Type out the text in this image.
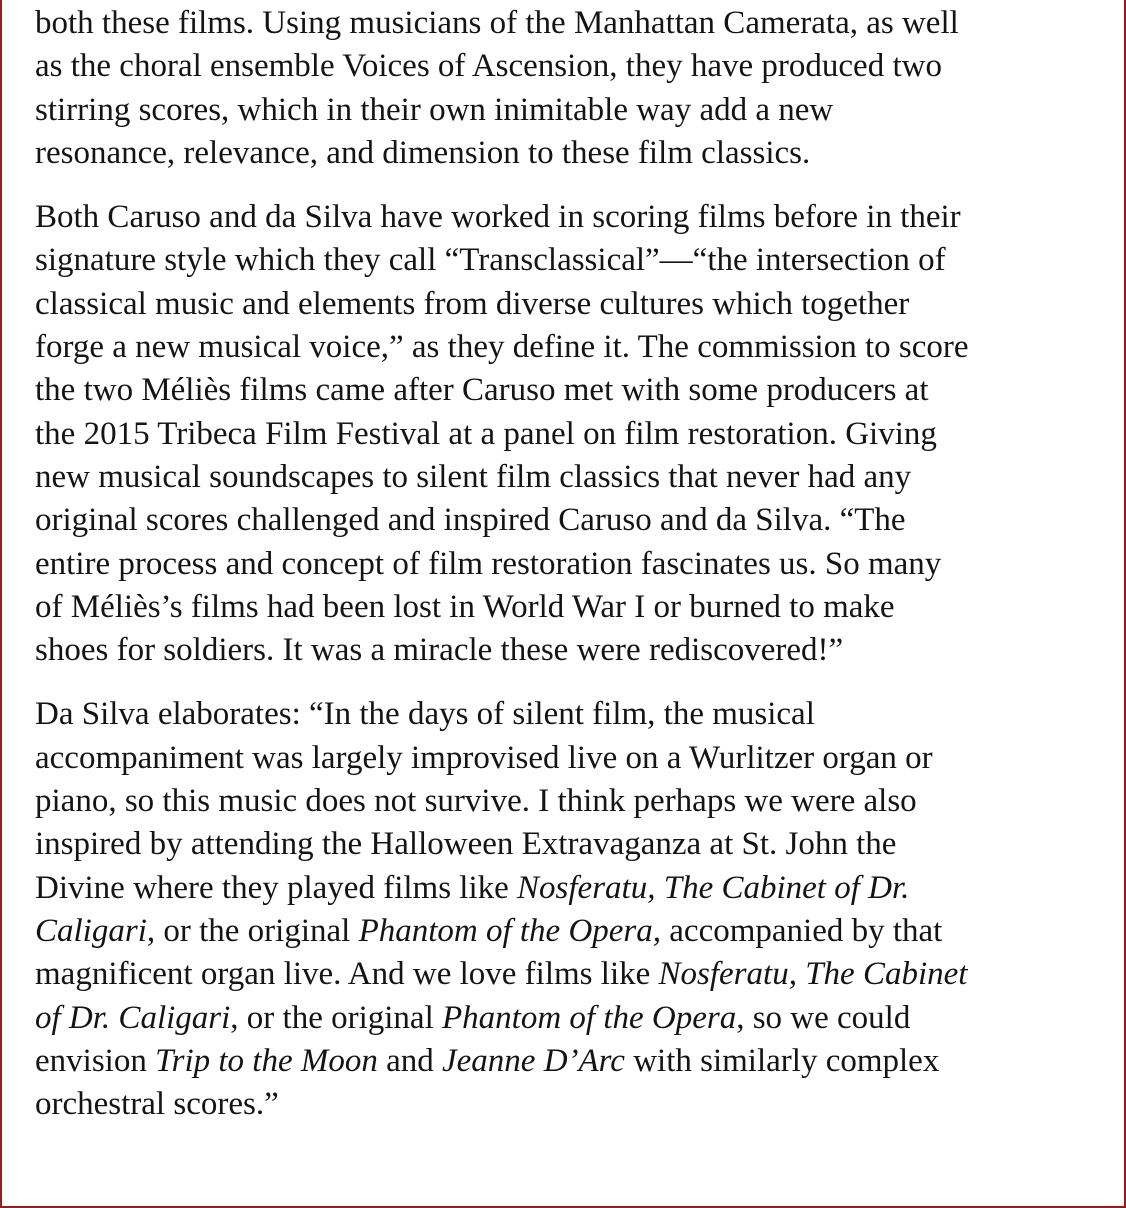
both these films. Using musicians of the Manhattan Camerata, as well
as the choral ensemble Voices of Ascension, they have produced two
stirring scores, which in their own inimitable way add a new
resonance, relevance, and dimension to these film classics.

Both Caruso and da Silva have worked in scoring films before in their
signature style which they call “Transclassical”—“the intersection of
classical music and elements from diverse cultures which together
forge a new musical voice,” as they define it. The commission to score
the two Méliès films came after Caruso met with some producers at
the 2015 Tribeca Film Festival at a panel on film restoration. Giving
new musical soundscapes to silent film classics that never had any
original scores challenged and inspired Caruso and da Silva. “The
entire process and concept of film restoration fascinates us. So many
of Méliès’s films had been lost in World War I or burned to make
shoes for soldiers. It was a miracle these were rediscovered!”

Da Silva elaborates: “In the days of silent film, the musical
accompaniment was largely improvised live on a Wurlitzer organ or
piano, so this music does not survive. I think perhaps we were also
inspired by attending the Halloween Extravaganza at St. John the
Divine where they played films like Nosferatu, The Cabinet of Dr.
Caligari, or the original Phantom of the Opera, accompanied by that
magnificent organ live. And we love films like Nosferatu, The Cabinet
of Dr. Caligari, or the original Phantom of the Opera, so we could
envision Trip to the Moon and Jeanne D’Arc with similarly complex
orchestral scores.”
